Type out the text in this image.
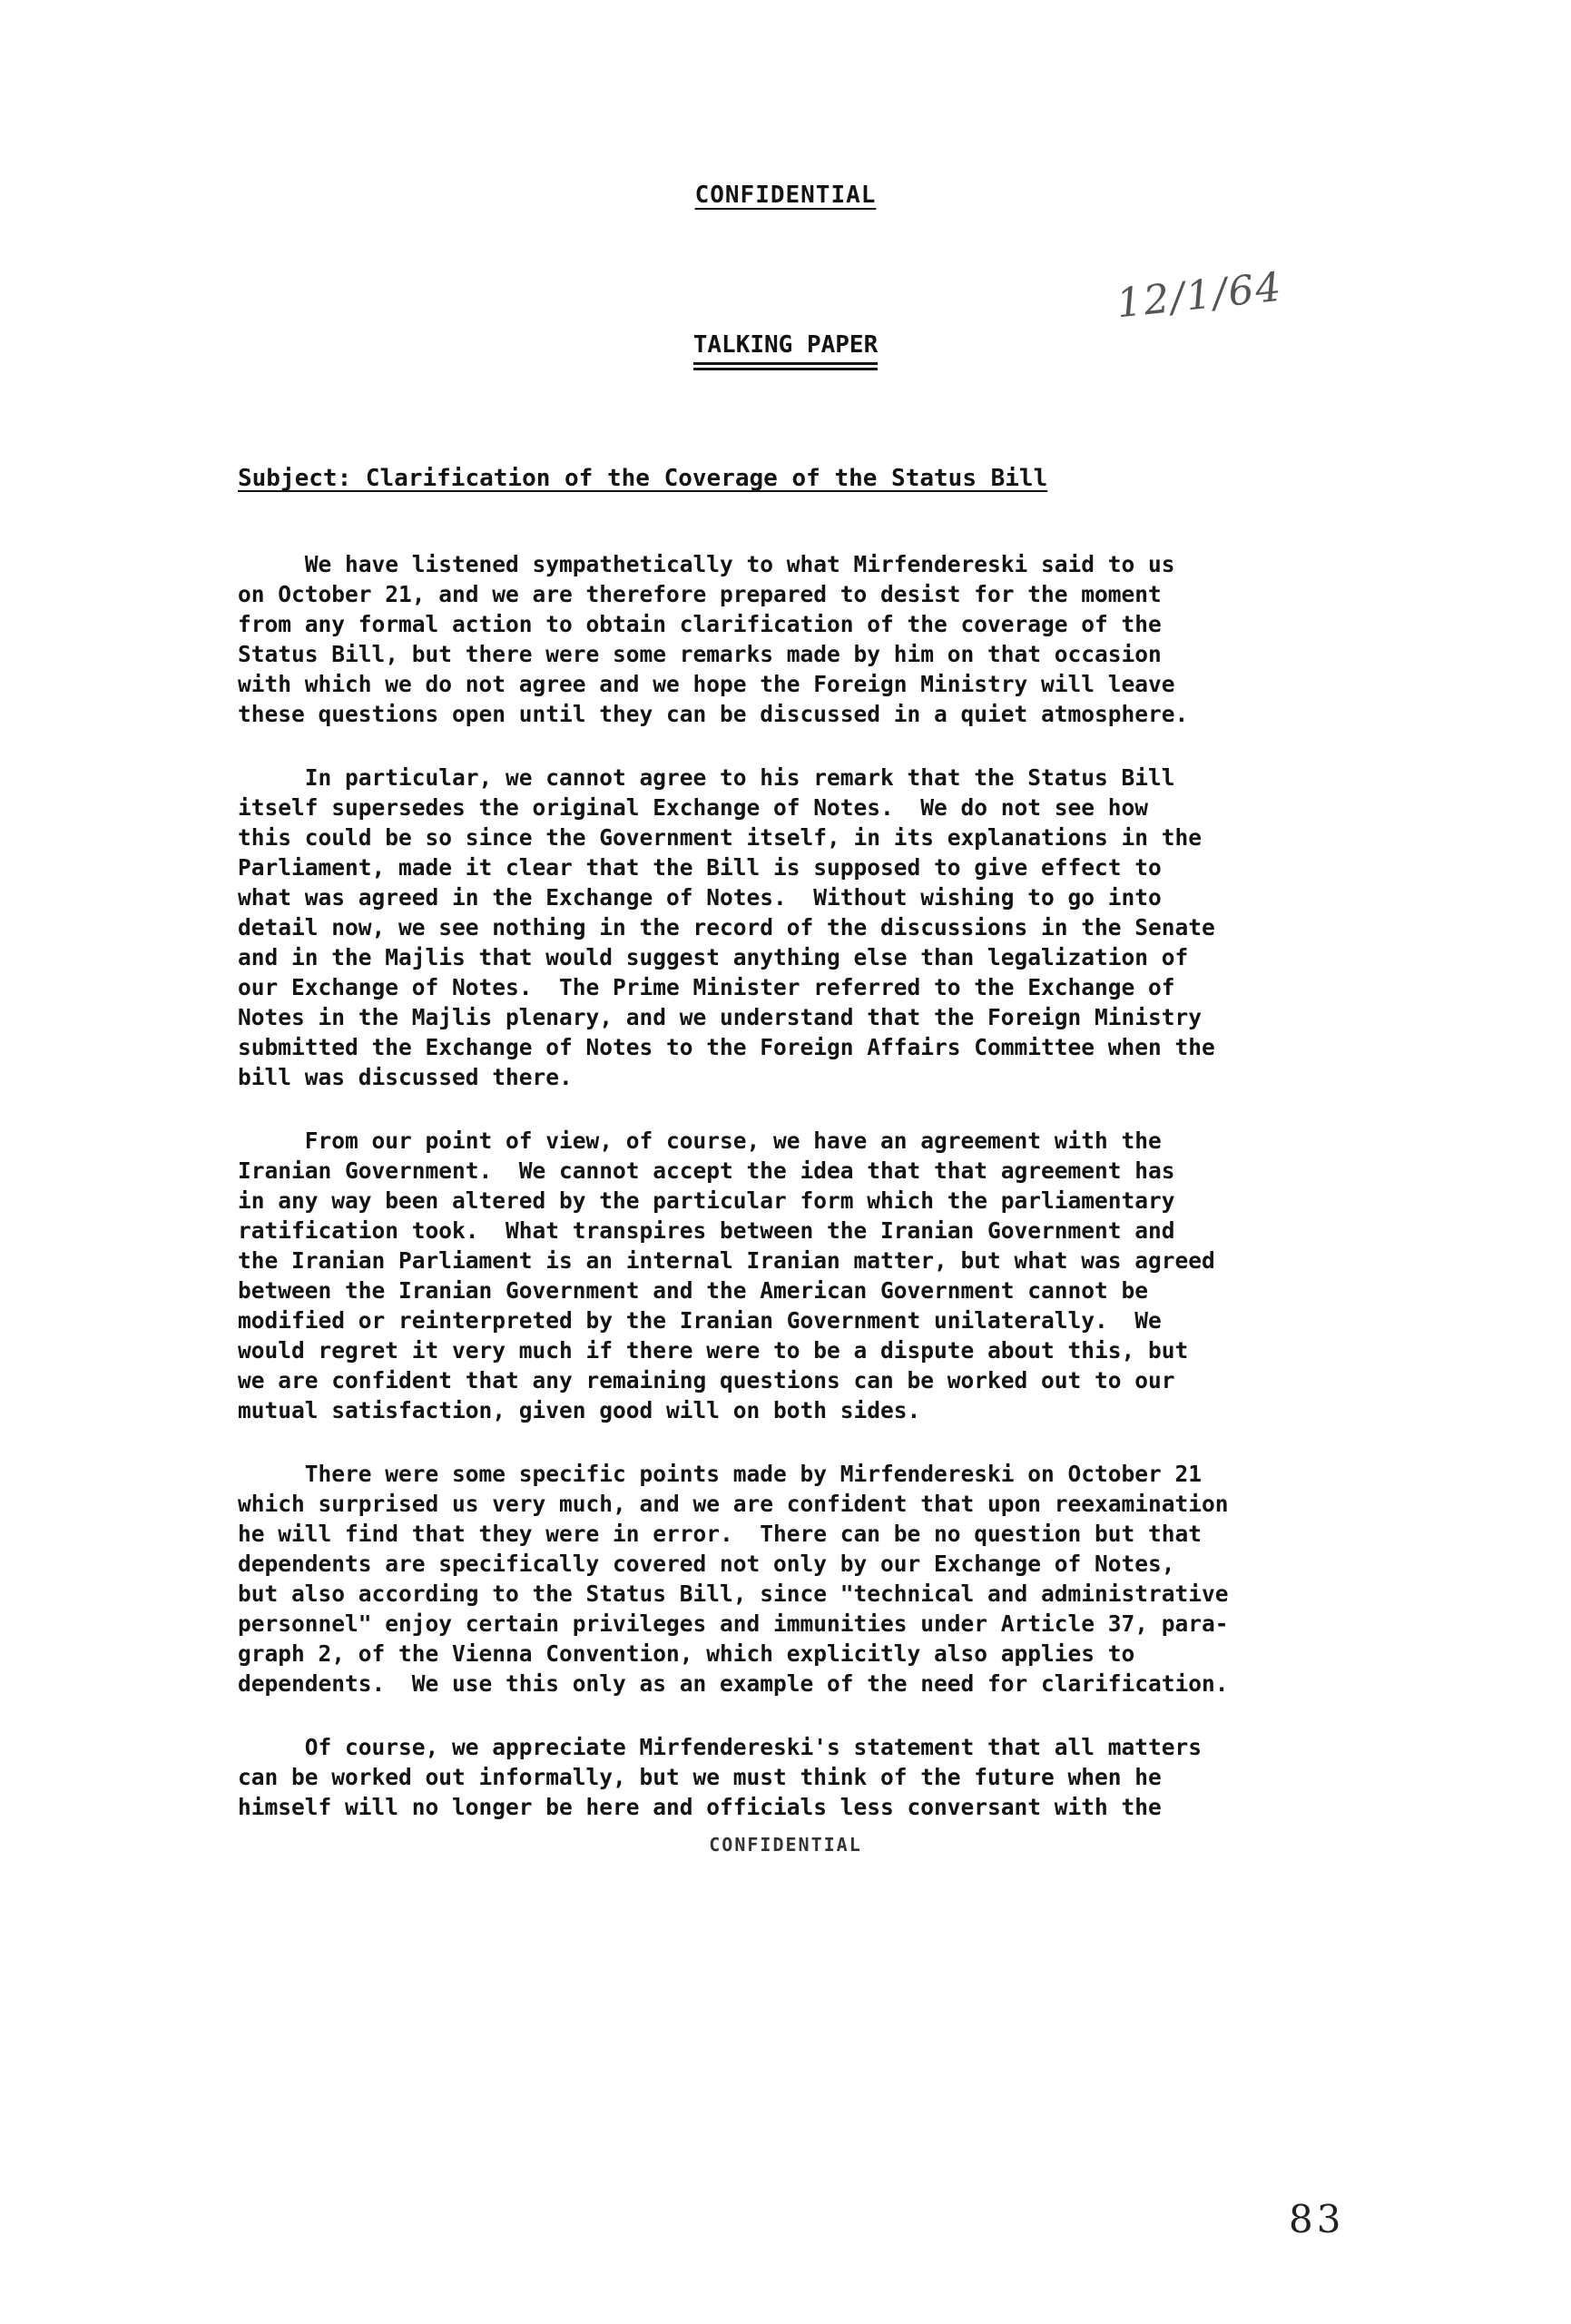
CONFIDENTIAL
12/1/64
TALKING PAPER
Subject: Clarification of the Coverage of the Status Bill
We have listened sympathetically to what Mirfendereski said to us
on October 21, and we are therefore prepared to desist for the moment
from any formal action to obtain clarification of the coverage of the
Status Bill, but there were some remarks made by him on that occasion
with which we do not agree and we hope the Foreign Ministry will leave
these questions open until they can be discussed in a quiet atmosphere.
In particular, we cannot agree to his remark that the Status Bill
itself supersedes the original Exchange of Notes.  We do not see how
this could be so since the Government itself, in its explanations in the
Parliament, made it clear that the Bill is supposed to give effect to
what was agreed in the Exchange of Notes.  Without wishing to go into
detail now, we see nothing in the record of the discussions in the Senate
and in the Majlis that would suggest anything else than legalization of
our Exchange of Notes.  The Prime Minister referred to the Exchange of
Notes in the Majlis plenary, and we understand that the Foreign Ministry
submitted the Exchange of Notes to the Foreign Affairs Committee when the
bill was discussed there.
From our point of view, of course, we have an agreement with the
Iranian Government.  We cannot accept the idea that that agreement has
in any way been altered by the particular form which the parliamentary
ratification took.  What transpires between the Iranian Government and
the Iranian Parliament is an internal Iranian matter, but what was agreed
between the Iranian Government and the American Government cannot be
modified or reinterpreted by the Iranian Government unilaterally.  We
would regret it very much if there were to be a dispute about this, but
we are confident that any remaining questions can be worked out to our
mutual satisfaction, given good will on both sides.
There were some specific points made by Mirfendereski on October 21
which surprised us very much, and we are confident that upon reexamination
he will find that they were in error.  There can be no question but that
dependents are specifically covered not only by our Exchange of Notes,
but also according to the Status Bill, since "technical and administrative
personnel" enjoy certain privileges and immunities under Article 37, para-
graph 2, of the Vienna Convention, which explicitly also applies to
dependents.  We use this only as an example of the need for clarification.
Of course, we appreciate Mirfendereski's statement that all matters
can be worked out informally, but we must think of the future when he
himself will no longer be here and officials less conversant with the
CONFIDENTIAL
83
